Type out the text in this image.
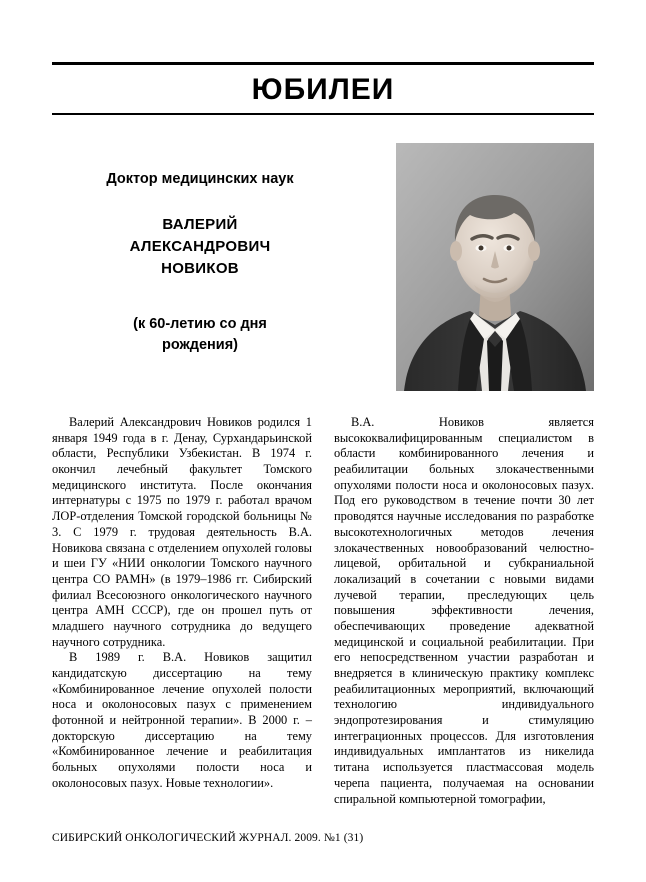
ЮБИЛЕИ
Доктор медицинских наук
ВАЛЕРИЙ
АЛЕКСАНДРОВИЧ
НОВИКОВ
(к 60-летию со дня
рождения)

Валерий Александрович Новиков родился 1 января 1949 года в г. Денау, Сурхандарьинской области, Республики Узбекистан. В 1974 г. окончил лечебный факультет Томского медицинского института. После окончания интернатуры с 1975 по 1979 г. работал врачом ЛОР-отделения Томской городской больницы № 3. С 1979 г. трудовая деятельность В.А. Новикова связана с отделением опухолей головы и шеи ГУ «НИИ онкологии Томского научного центра СО РАМН» (в 1979–1986 гг. Сибирский филиал Всесоюзного онкологического научного центра АМН СССР), где он прошел путь от младшего научного сотрудника до ведущего научного сотрудника.

В 1989 г. В.А. Новиков защитил кандидатскую диссертацию на тему «Комбинированное лечение опухолей полости носа и околоносовых пазух с применением фотонной и нейтронной терапии». В 2000 г. – докторскую диссертацию на тему «Комбинированное лечение и реабилитация больных опухолями полости носа и околоносовых пазух. Новые технологии».

В.А. Новиков является высококвалифицированным специалистом в области комбинированного лечения и реабилитации больных злокачественными опухолями полости носа и околоносовых пазух. Под его руководством в течение почти 30 лет проводятся научные исследования по разработке высокотехнологичных методов лечения злокачественных новообразований челюстно-лицевой, орбитальной и субкраниальной локализаций в сочетании с новыми видами лучевой терапии, преследующих цель повышения эффективности лечения, обеспечивающих проведение адекватной медицинской и социальной реабилитации. При его непосредственном участии разработан и внедряется в клиническую практику комплекс реабилитационных мероприятий, включающий технологию индивидуального эндопротезирования и стимуляцию интеграционных процессов. Для изготовления индивидуальных имплантатов из никелида титана используется пластмассовая модель черепа пациента, получаемая на основании спиральной компьютерной томографии,

СИБИРСКИЙ ОНКОЛОГИЧЕСКИЙ ЖУРНАЛ. 2009. №1 (31)
